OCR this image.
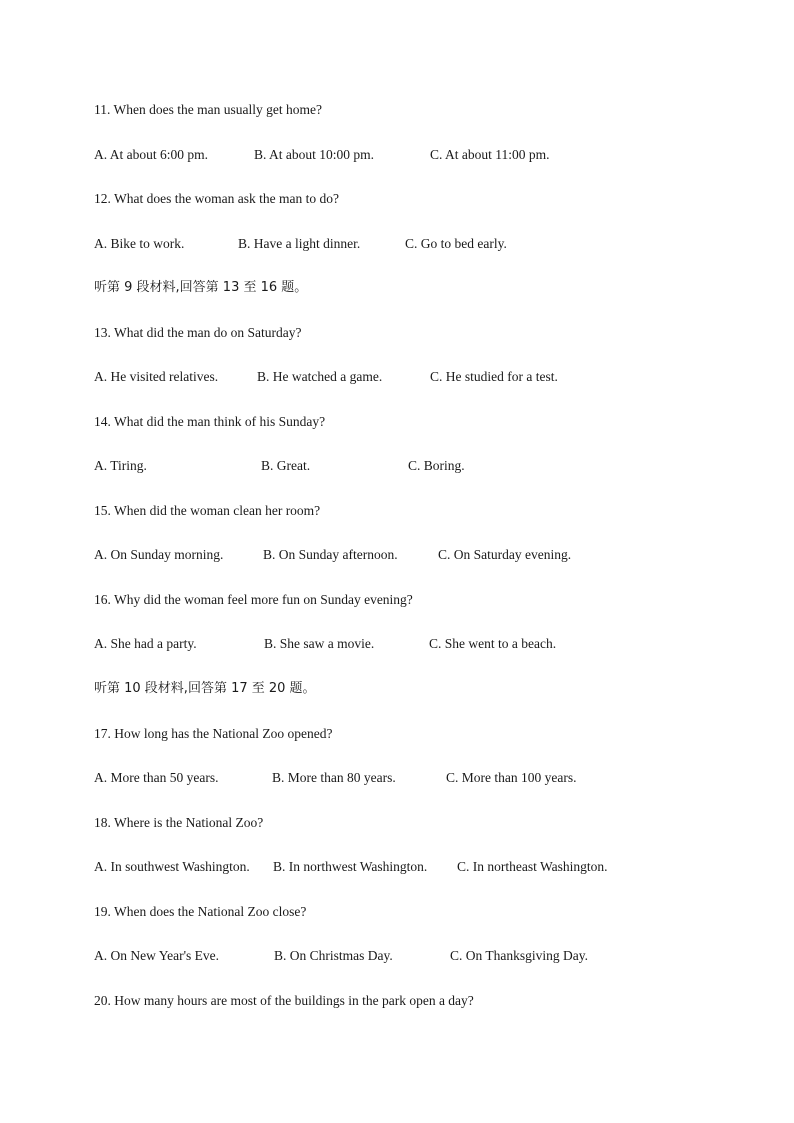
11. When does the man usually get home?
A. At about 6:00 pm.	B. At about 10:00 pm.	C. At about 11:00 pm.
12. What does the woman ask the man to do?
A. Bike to work.	B. Have a light dinner.	C. Go to bed early.
听第 9 段材料,回答第 13 至 16 题。
13. What did the man do on Saturday?
A. He visited relatives.	B. He watched a game.	C. He studied for a test.
14. What did the man think of his Sunday?
A. Tiring.	B. Great.	C. Boring.
15. When did the woman clean her room?
A. On Sunday morning.	B. On Sunday afternoon.	C. On Saturday evening.
16. Why did the woman feel more fun on Sunday evening?
A. She had a party.	B. She saw a movie.	C. She went to a beach.
听第 10 段材料,回答第 17 至 20 题。
17. How long has the National Zoo opened?
A. More than 50 years.	B. More than 80 years.	C. More than 100 years.
18. Where is the National Zoo?
A. In southwest Washington. B. In northwest Washington. C. In northeast Washington.
19. When does the National Zoo close?
A. On New Year's Eve.	B. On Christmas Day.	C. On Thanksgiving Day.
20. How many hours are most of the buildings in the park open a day?
